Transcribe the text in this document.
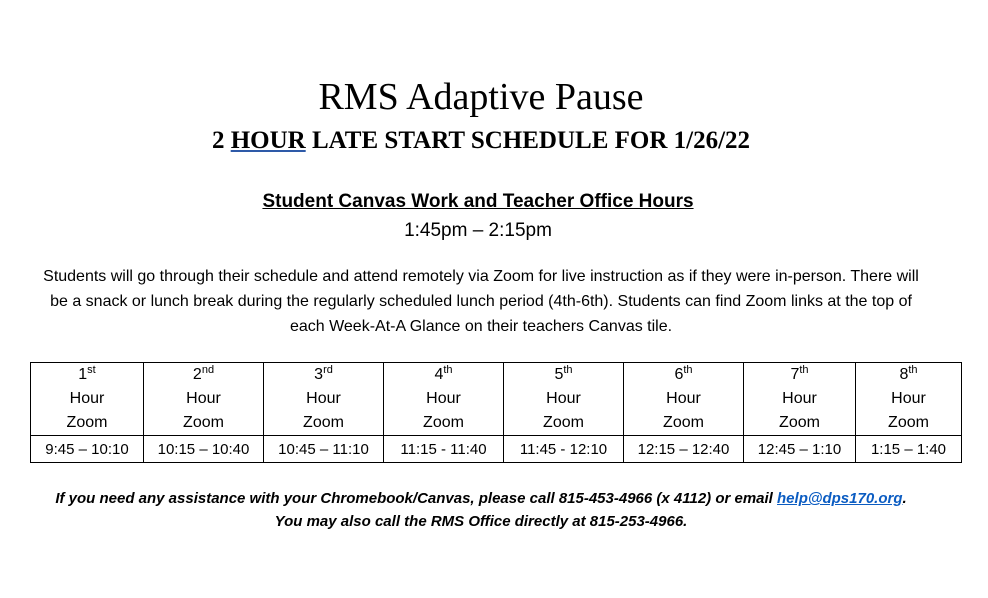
RMS Adaptive Pause
2 HOUR LATE START SCHEDULE FOR 1/26/22
Student Canvas Work and Teacher Office Hours
1:45pm – 2:15pm
Students will go through their schedule and attend remotely via Zoom for live instruction as if they were in-person. There will be a snack or lunch break during the regularly scheduled lunch period (4th-6th). Students can find Zoom links at the top of each Week-At-A Glance on their teachers Canvas tile.
1st
Hour
Zoom	2nd
Hour
Zoom	3rd
Hour
Zoom	4th
Hour
Zoom	5th
Hour
Zoom	6th
Hour
Zoom	7th
Hour
Zoom	8th
Hour
Zoom
9:45 – 10:10	10:15 – 10:40	10:45 – 11:10	11:15 - 11:40	11:45 - 12:10	12:15 – 12:40	12:45 – 1:10	1:15 – 1:40
If you need any assistance with your Chromebook/Canvas, please call 815-453-4966 (x 4112) or email help@dps170.org. You may also call the RMS Office directly at 815-253-4966.
